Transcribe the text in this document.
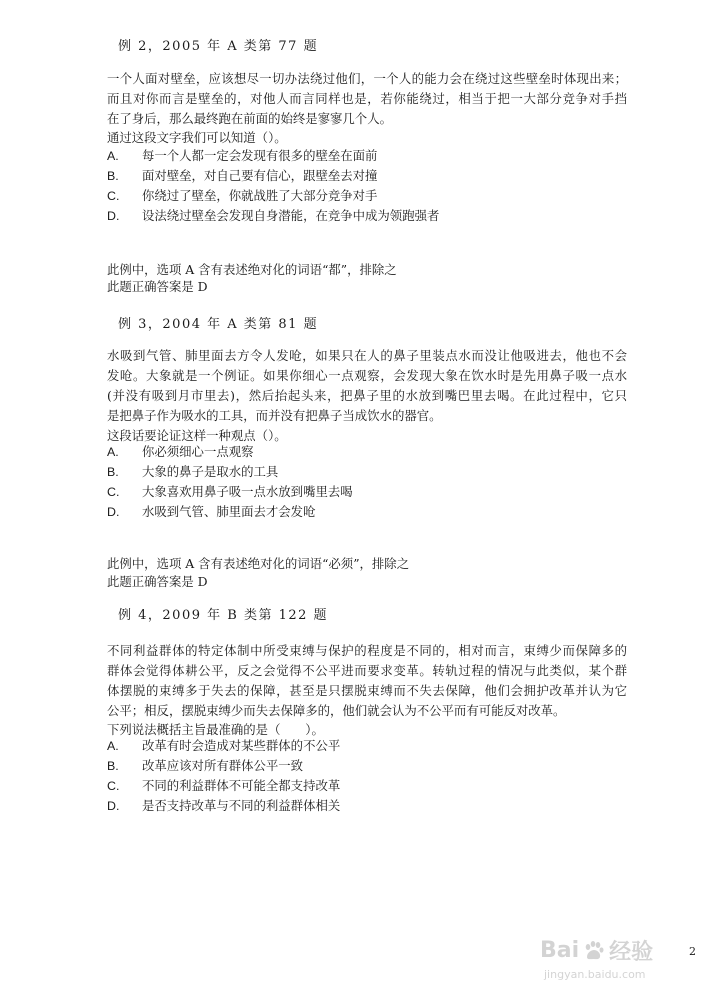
例 2，2005 年 A 类第 77 题

一个人面对壁垒，应该想尽一切办法绕过他们，一个人的能力会在绕过这些壁垒时体现出来；

而且对你而言是壁垒的，对他人而言同样也是，若你能绕过，相当于把一大部分竞争对手挡

在了身后，那么最终跑在前面的始终是寥寥几个人。

通过这段文字我们可以知道（）。
A.	每一个人都一定会发现有很多的壁垒在面前
B.	面对壁垒，对自己要有信心，跟壁垒去对撞
C.	你绕过了壁垒，你就战胜了大部分竞争对手
D.	设法绕过壁垒会发现自身潜能，在竞争中成为领跑强者
此例中，选项 A 含有表述绝对化的词语“都”，排除之
此题正确答案是 D
例 3，2004 年 A 类第 81 题

水吸到气管、肺里面去方令人发呛，如果只在人的鼻子里装点水而没让他吸进去，他也不会

发呛。大象就是一个例证。如果你细心一点观察，会发现大象在饮水时是先用鼻子吸一点水

(并没有吸到月市里去)，然后抬起头来，把鼻子里的水放到嘴巴里去喝。在此过程中，它只

是把鼻子作为吸水的工具，而并没有把鼻子当成饮水的器官。

这段话要论证这样一种观点（）。
A.	你必须细心一点观察
B.	大象的鼻子是取水的工具
C.	大象喜欢用鼻子吸一点水放到嘴里去喝
D.	水吸到气管、肺里面去才会发呛
此例中，选项 A 含有表述绝对化的词语“必须”，排除之
此题正确答案是 D
例 4，2009 年 B 类第 122 题

不同利益群体的特定体制中所受束缚与保护的程度是不同的，相对而言，束缚少而保障多的

群体会觉得体耕公平，反之会觉得不公平进而要求变革。转轨过程的情况与此类似，某个群

体摆脱的束缚多于失去的保障，甚至是只摆脱束缚而不失去保障，他们会拥护改革并认为它

公平；相反，摆脱束缚少而失去保障多的，他们就会认为不公平而有可能反对改革。

下列说法概括主旨最准确的是（　　）。
A.	改革有时会造成对某些群体的不公平
B.	改革应该对所有群体公平一致
C.	不同的利益群体不可能全都支持改革
D.	是否支持改革与不同的利益群体相关
Bai 经验
jingyan.baidu.com
2
